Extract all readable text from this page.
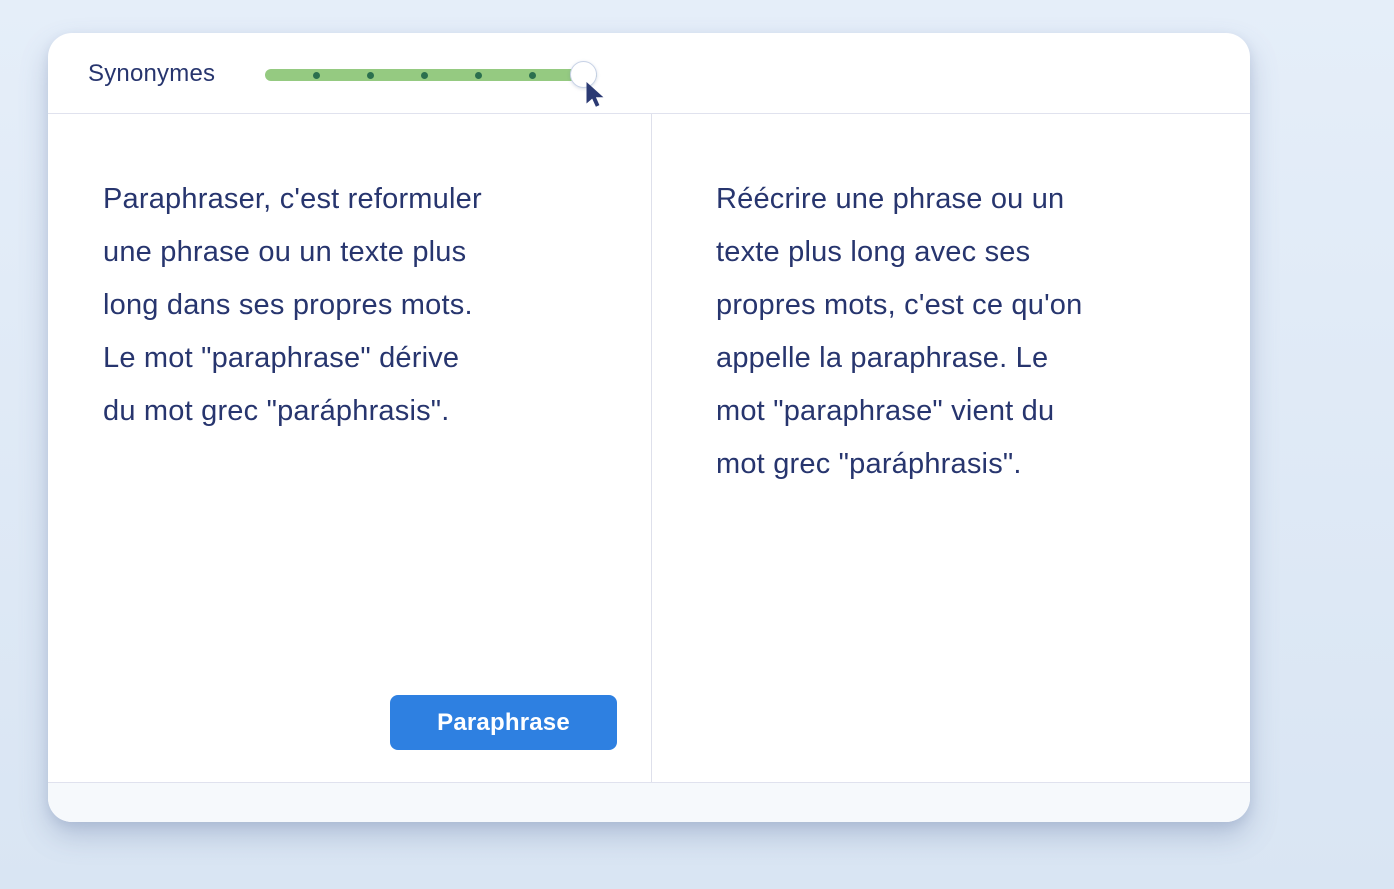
Synonymes
Paraphraser, c'est reformuler
une phrase ou un texte plus
long dans ses propres mots.
Le mot "paraphrase" dérive
du mot grec "paráphrasis".
Paraphrase
Réécrire une phrase ou un
texte plus long avec ses
propres mots, c'est ce qu'on
appelle la paraphrase. Le
mot "paraphrase" vient du
mot grec "paráphrasis".
